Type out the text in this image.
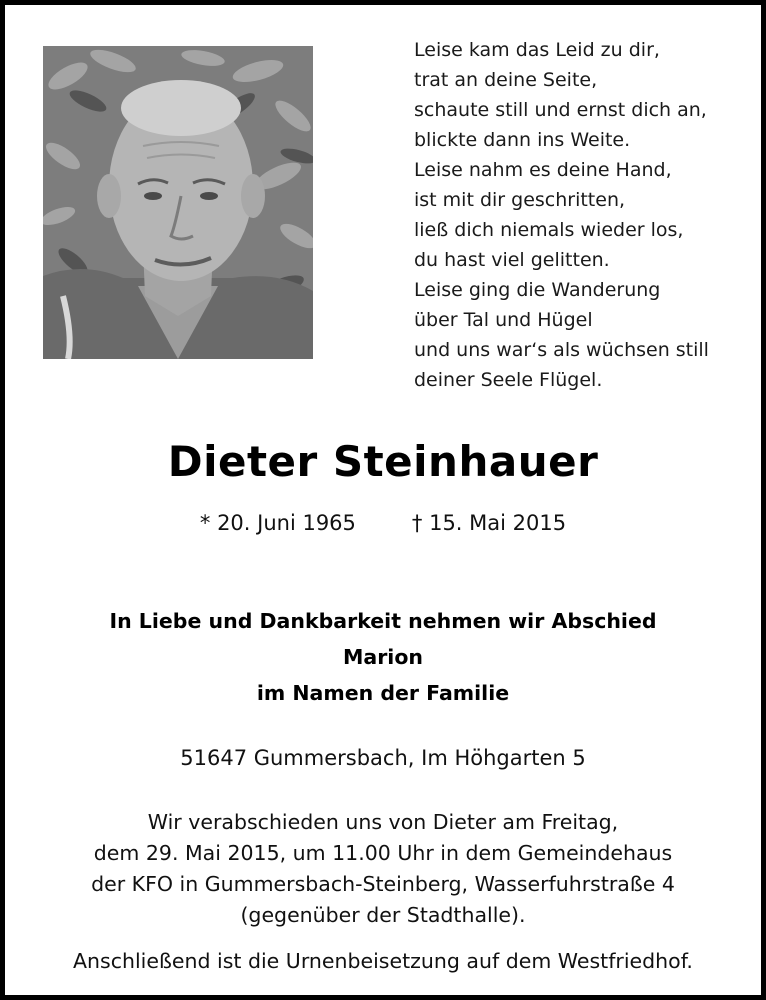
Leise kam das Leid zu dir,
trat an deine Seite,
schaute still und ernst dich an,
blickte dann ins Weite.
Leise nahm es deine Hand,
ist mit dir geschritten,
ließ dich niemals wieder los,
du hast viel gelitten.
Leise ging die Wanderung
über Tal und Hügel
und uns war‘s als wüchsen still
deiner Seele Flügel.
Dieter Steinhauer
* 20. Juni 1965	† 15. Mai 2015
In Liebe und Dankbarkeit nehmen wir Abschied
Marion
im Namen der Familie
51647 Gummersbach, Im Höhgarten 5
Wir verabschieden uns von Dieter am Freitag,
dem 29. Mai 2015, um 11.00 Uhr in dem Gemeindehaus
der KFO in Gummersbach-Steinberg, Wasserfuhrstraße 4
(gegenüber der Stadthalle).
Anschließend ist die Urnenbeisetzung auf dem Westfriedhof.
